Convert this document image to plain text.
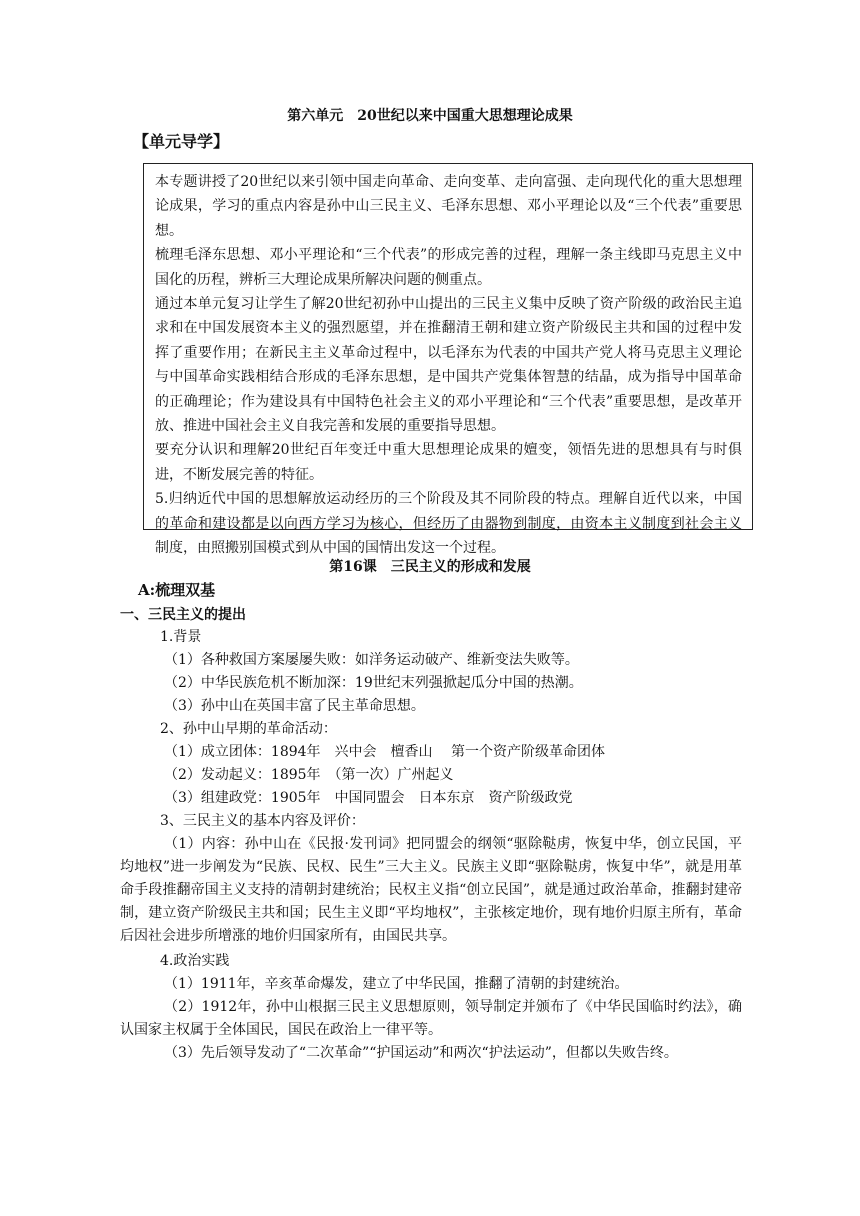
第六单元　20世纪以来中国重大思想理论成果
【单元导学】

本专题讲授了20世纪以来引领中国走向革命、走向变革、走向富强、走向现代化的重大思想理论成果，学习的重点内容是孙中山三民主义、毛泽东思想、邓小平理论以及“三个代表”重要思想。

梳理毛泽东思想、邓小平理论和“三个代表”的形成完善的过程，理解一条主线即马克思主义中国化的历程，辨析三大理论成果所解决问题的侧重点。

通过本单元复习让学生了解20世纪初孙中山提出的三民主义集中反映了资产阶级的政治民主追求和在中国发展资本主义的强烈愿望，并在推翻清王朝和建立资产阶级民主共和国的过程中发挥了重要作用；在新民主主义革命过程中，以毛泽东为代表的中国共产党人将马克思主义理论与中国革命实践相结合形成的毛泽东思想，是中国共产党集体智慧的结晶，成为指导中国革命的正确理论；作为建设具有中国特色社会主义的邓小平理论和“三个代表”重要思想，是改革开放、推进中国社会主义自我完善和发展的重要指导思想。

要充分认识和理解20世纪百年变迁中重大思想理论成果的嬗变，领悟先进的思想具有与时俱进，不断发展完善的特征。

5.归纳近代中国的思想解放运动经历的三个阶段及其不同阶段的特点。理解自近代以来，中国的革命和建设都是以向西方学习为核心，但经历了由器物到制度，由资本主义制度到社会主义制度，由照搬别国模式到从中国的国情出发这一个过程。

第16课　三民主义的形成和发展
A:梳理双基

一、三民主义的提出

1.背景

（1）各种救国方案屡屡失败：如洋务运动破产、维新变法失败等。

（2）中华民族危机不断加深：19世纪末列强掀起瓜分中国的热潮。

（3）孙中山在英国丰富了民主革命思想。

2、孙中山早期的革命活动：

（1）成立团体：1894年　兴中会　檀香山　 第一个资产阶级革命团体

（2）发动起义：1895年　（第一次）广州起义

（3）组建政党：1905年　中国同盟会　日本东京　资产阶级政党

3、三民主义的基本内容及评价：

（1）内容：孙中山在《民报·发刊词》把同盟会的纲领“驱除鞑虏，恢复中华，创立民国，平均地权”进一步阐发为“民族、民权、民生”三大主义。民族主义即“驱除鞑虏，恢复中华”，就是用革命手段推翻帝国主义支持的清朝封建统治；民权主义指“创立民国”，就是通过政治革命，推翻封建帝制，建立资产阶级民主共和国；民生主义即“平均地权”，主张核定地价，现有地价归原主所有，革命后因社会进步所增涨的地价归国家所有，由国民共享。

4.政治实践

（1）1911年，辛亥革命爆发，建立了中华民国，推翻了清朝的封建统治。

（2）1912年，孙中山根据三民主义思想原则，领导制定并颁布了《中华民国临时约法》，确认国家主权属于全体国民，国民在政治上一律平等。

（3）先后领导发动了“二次革命”“护国运动”和两次“护法运动”，但都以失败告终。
